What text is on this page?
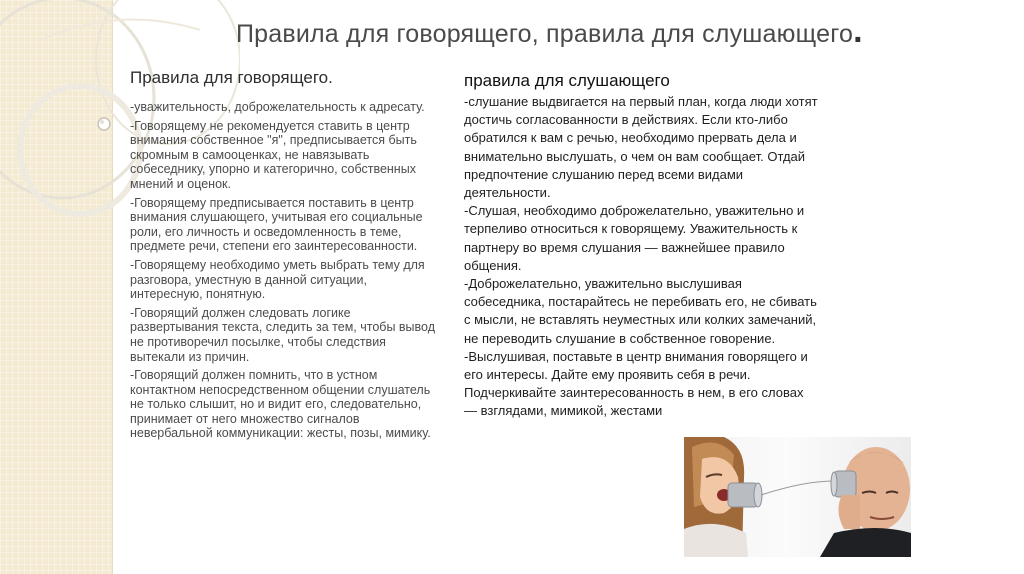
Правила для говорящего, правила для слушающего.
Правила для говорящего.

-уважительность, доброжелательность к адресату.

-Говорящему не рекомендуется ставить в центр внимания собственное "я", предписывается быть скромным в самооценках, не навязывать собеседнику, упорно и категорично, собственных мнений и оценок.

-Говорящему предписывается поставить в центр внимания слушающего, учитывая его социальные роли, его личность и осведомленность в теме, предмете речи, степени его заинтересованности.

-Говорящему необходимо уметь выбрать тему для разговора, уместную в данной ситуации, интересную, понятную.

-Говорящий должен следовать логике развертывания текста, следить за тем, чтобы вывод не противоречил посылке, чтобы следствия вытекали из причин.

-Говорящий должен помнить, что в устном контактном непосредственном общении слушатель не только слышит, но и видит его, следовательно, принимает от него множество сигналов невербальной коммуникации: жесты, позы, мимику.

правила для слушающего

-слушание выдвигается на первый план, когда люди хотят достичь согласованности в действиях. Если кто-либо обратился к вам с речью, необходимо прервать дела и внимательно выслушать, о чем он вам сообщает. Отдай предпочтение слушанию перед всеми видами деятельности.

-Слушая, необходимо доброжелательно, уважительно и терпеливо относиться к говорящему. Уважительность к партнеру во время слушания — важнейшее правило общения.

-Доброжелательно, уважительно выслушивая собеседника, постарайтесь не перебивать его, не сбивать с мысли, не вставлять неуместных или колких замечаний, не переводить слушание в собственное говорение.

-Выслушивая, поставьте в центр внимания говорящего и его интересы. Дайте ему проявить себя в речи. Подчеркивайте заинтересованность в нем, в его словах — взглядами, мимикой, жестами
